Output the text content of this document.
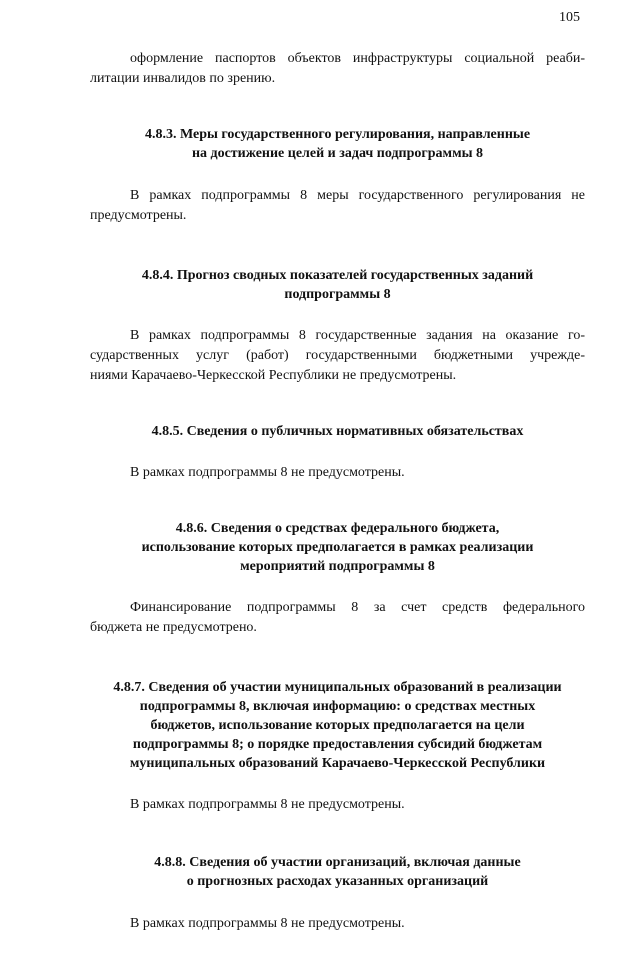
105

оформление паспортов объектов инфраструктуры социальной реаби-
литации инвалидов по зрению.

4.8.3. Меры государственного регулирования, направленные
на достижение целей и задач подпрограммы 8

В рамках подпрограммы 8 меры государственного регулирования не
предусмотрены.

4.8.4. Прогноз сводных показателей государственных заданий
подпрограммы 8

В рамках подпрограммы 8 государственные задания на оказание го-
сударственных услуг (работ) государственными бюджетными учрежде-
ниями Карачаево-Черкесской Республики не предусмотрены.

4.8.5. Сведения о публичных нормативных обязательствах

В рамках подпрограммы 8 не предусмотрены.

4.8.6. Сведения о средствах федерального бюджета,
использование которых предполагается в рамках реализации
мероприятий подпрограммы 8

Финансирование подпрограммы 8 за счет средств федерального
бюджета не предусмотрено.

4.8.7. Сведения об участии муниципальных образований в реализации
подпрограммы 8, включая информацию: о средствах местных
бюджетов, использование которых предполагается на цели
подпрограммы 8; о порядке предоставления субсидий бюджетам
муниципальных образований Карачаево-Черкесской Республики

В рамках подпрограммы 8 не предусмотрены.

4.8.8. Сведения об участии организаций, включая данные
о прогнозных расходах указанных организаций

В рамках подпрограммы 8 не предусмотрены.
